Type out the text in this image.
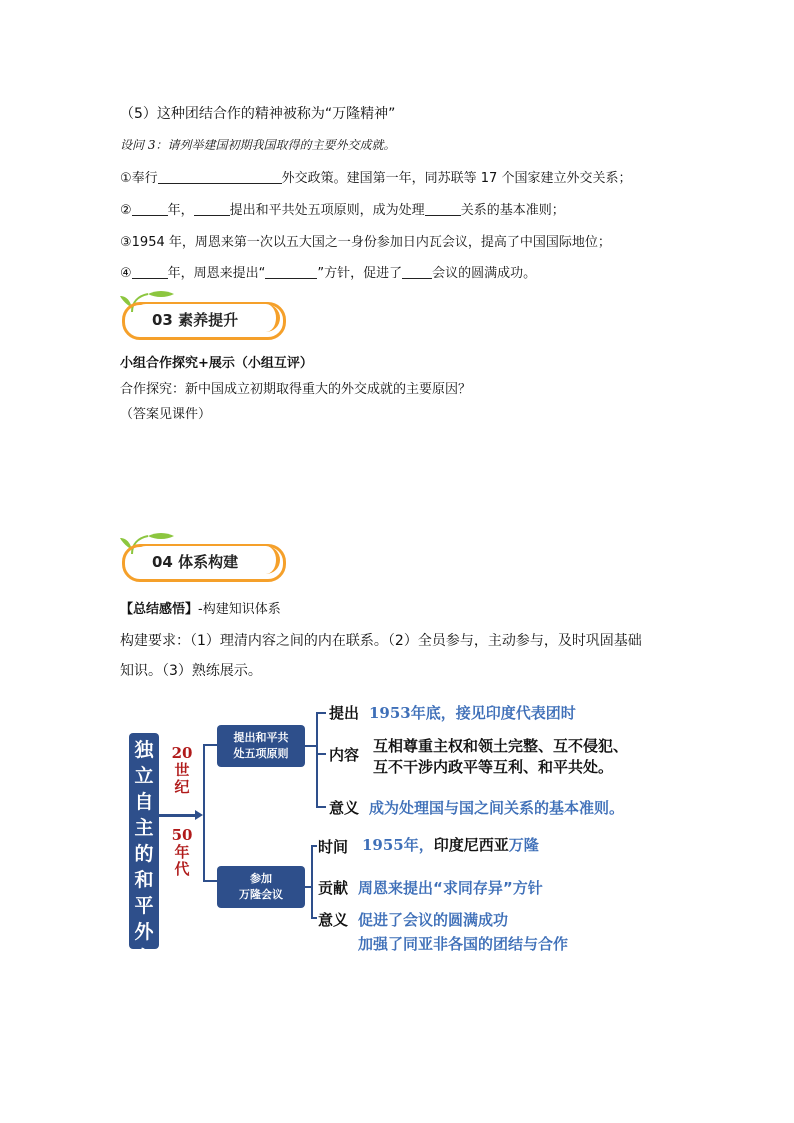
（5）这种团结合作的精神被称为“万隆精神”
设问 3：请列举建国初期我国取得的主要外交成就。
①奉行	外交政策。建国第一年，同苏联等 17 个国家建立外交关系；
②	年，	提出和平共处五项原则，成为处理	关系的基本准则；
③1954 年，周恩来第一次以五大国之一身份参加日内瓦会议，提高了中国国际地位；
④	年，周恩来提出“	”方针，促进了 会议的圆满成功。
03 素养提升
小组合作探究+展示（小组互评）
合作探究：新中国成立初期取得重大的外交成就的主要原因？
（答案见课件）
04 体系构建
【总结感悟】-构建知识体系
构建要求：（1）理清内容之间的内在联系。（2）全员参与，主动参与，及时巩固基础
知识。（3）熟练展示。
独
立
自
主
的
和
平
外
交
20
世
纪
50
年
代
提出和平共
处五项原则
参加
万隆会议
提出 1953年底，接见印度代表团时
内容 互相尊重主权和领土完整、互不侵犯、
互不干涉内政平等互利、和平共处。
意义 成为处理国与国之间关系的基本准则。
时间 1955年，印度尼西亚万隆
贡献 周恩来提出“求同存异”方针
意义 促进了会议的圆满成功
加强了同亚非各国的团结与合作
